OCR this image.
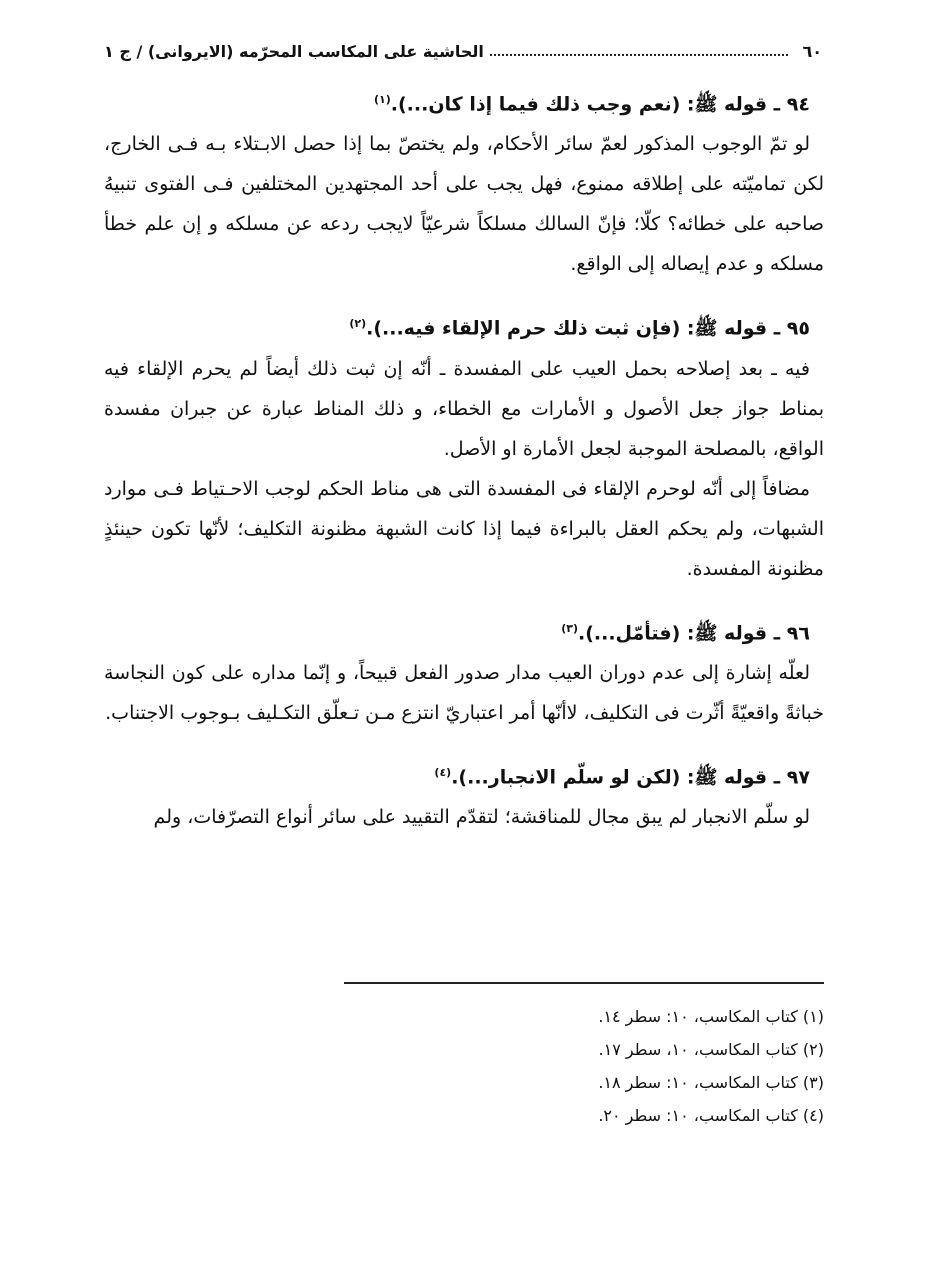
٦٠
الحاشية على المكاسب المحرّمه (الايروانى) / ج ١

٩٤ ـ قوله ﷺ: (نعم وجب ذلك فيما إذا كان...).$^{(١)}$

لو تمّ الوجوب المذكور لعمّ سائر الأحكام، ولم يختصّ بما إذا حصل الابـتلاء بـه فـى الخارج، لكن تماميّته على إطلاقه ممنوع، فهل يجب على أحد المجتهدين المختلفين فـى الفتوى تنبيهُ صاحبه على خطائه؟ كلّا؛ فإنّ السالك مسلكاً شرعيّاً لايجب ردعه عن مسلكه و إن علم خطأ مسلكه و عدم إيصاله إلى الواقع.

٩٥ ـ قوله ﷺ: (فإن ثبت ذلك حرم الإلقاء فيه...).$^{(٢)}$

فيه ـ بعد إصلاحه بحمل العيب على المفسدة ـ أنّه إن ثبت ذلك أيضاً لم يحرم الإلقاء فيه بمناط جواز جعل الأصول و الأمارات مع الخطاء، و ذلك المناط عبارة عن جبران مفسدة الواقع، بالمصلحة الموجبة لجعل الأمارة او الأصل.

مضافاً إلى أنّه لوحرم الإلقاء فى المفسدة التى هى مناط الحكم لوجب الاحـتياط فـى موارد الشبهات، ولم يحكم العقل بالبراءة فيما إذا كانت الشبهة مظنونة التكليف؛ لأنّها تكون حينئذٍ مظنونة المفسدة.

٩٦ ـ قوله ﷺ: (فتأمّل...).$^{(٣)}$

لعلّه إشارة إلى عدم دوران العيب مدار صدور الفعل قبيحاً، و إنّما مداره على كون النجاسة خباثةً واقعيّةً أثّرت فى التكليف، لاأنّها أمر اعتباريّ انتزع مـن تـعلّق التكـليف بـوجوب الاجتناب.

٩٧ ـ قوله ﷺ: (لكن لو سلّم الانجبار...).$^{(٤)}$

لو سلّم الانجبار لم يبق مجال للمناقشة؛ لتقدّم التقييد على سائر أنواع التصرّفات، ولم

(١) كتاب المكاسب، ١٠: سطر ١٤.
(٢) كتاب المكاسب، ١٠، سطر ١٧.
(٣) كتاب المكاسب، ١٠: سطر ١٨.
(٤) كتاب المكاسب، ١٠: سطر ٢٠.
